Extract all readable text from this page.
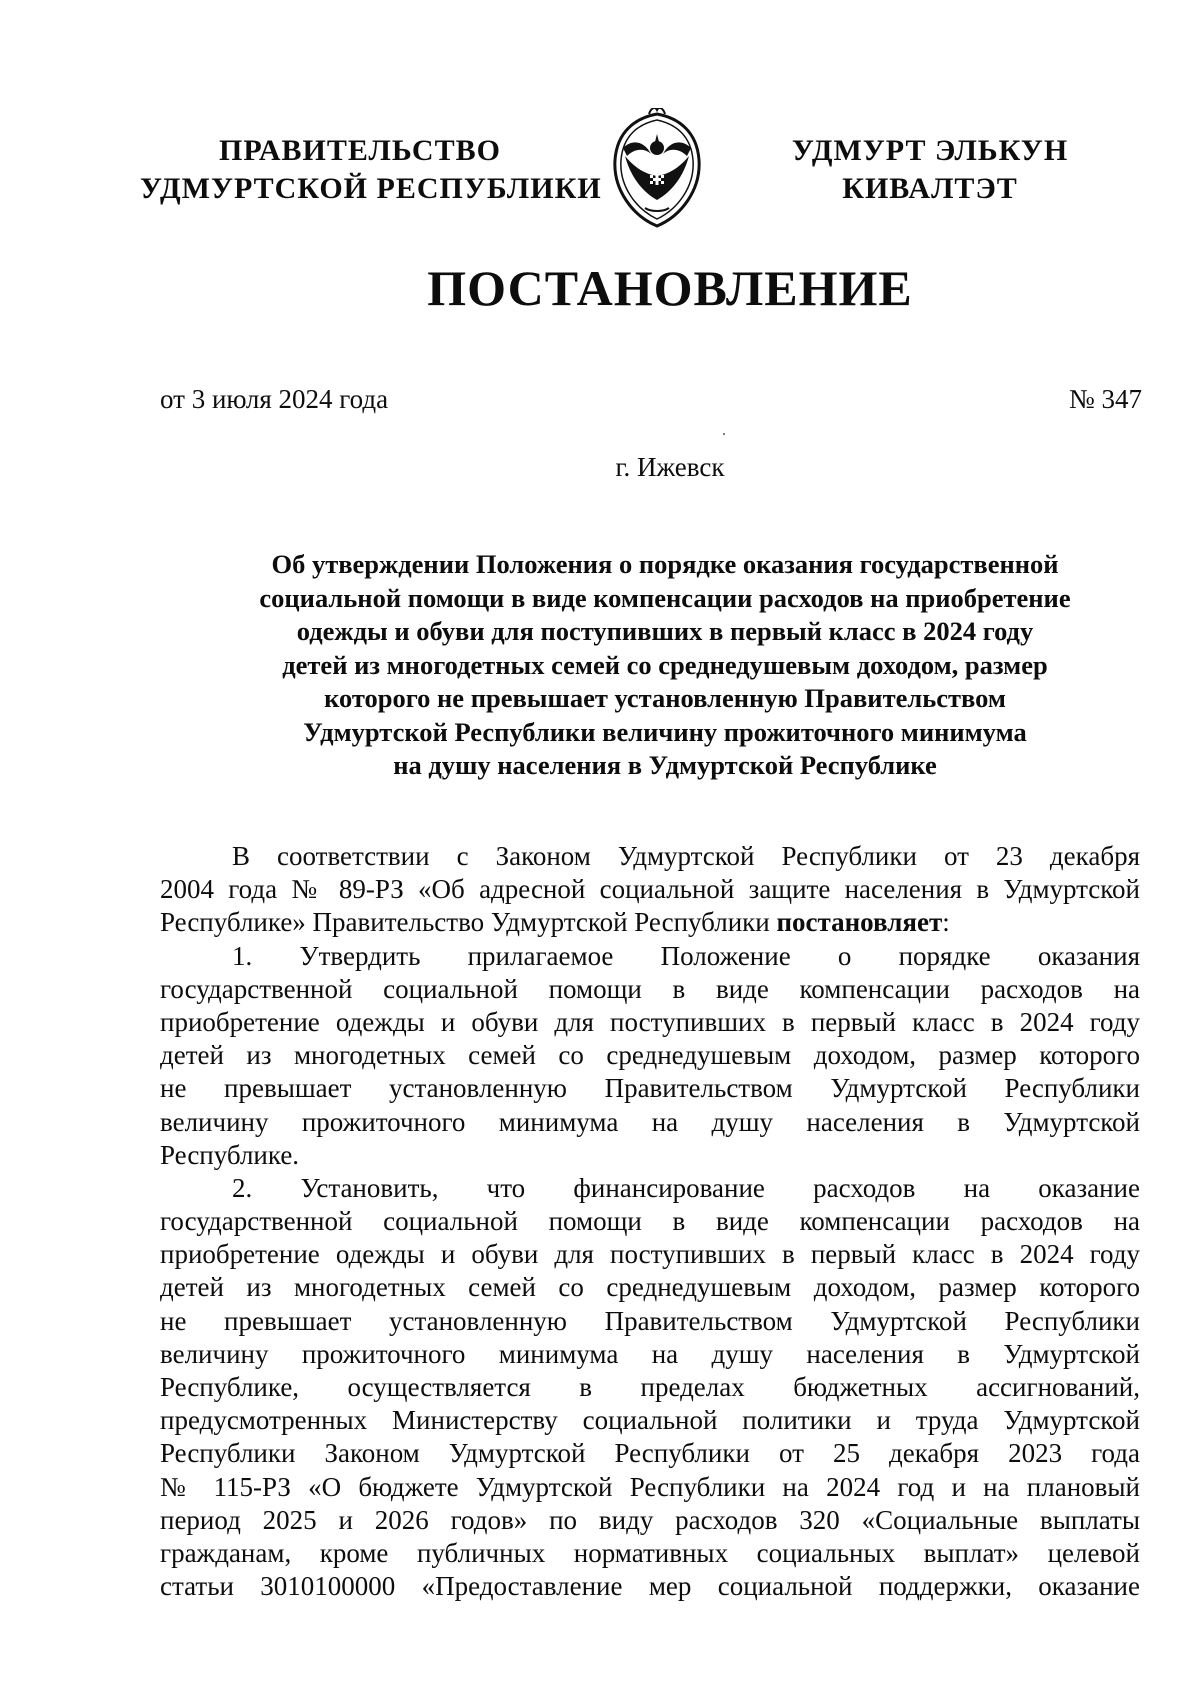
ПРАВИТЕЛЬСТВО
УДМУРТСКОЙ РЕСПУБЛИКИ
УДМУРТ ЭЛЬКУН
КИВАЛТЭТ
ПОСТАНОВЛЕНИЕ
от 3 июля 2024 года	№ 347
г. Ижевск
Об утверждении Положения о порядке оказания государственной
социальной помощи в виде компенсации расходов на приобретение
одежды и обуви для поступивших в первый класс в 2024 году
детей из многодетных семей со среднедушевым доходом, размер
которого не превышает установленную Правительством
Удмуртской Республики величину прожиточного минимума
на душу населения в Удмуртской Республике
В соответствии с Законом Удмуртской Республики от 23 декабря
2004 года № 89-РЗ «Об адресной социальной защите населения в Удмуртской
Республике» Правительство Удмуртской Республики постановляет:
1. Утвердить прилагаемое Положение о порядке оказания
государственной социальной помощи в виде компенсации расходов на
приобретение одежды и обуви для поступивших в первый класс в 2024 году
детей из многодетных семей со среднедушевым доходом, размер которого
не превышает установленную Правительством Удмуртской Республики
величину прожиточного минимума на душу населения в Удмуртской
Республике.
2. Установить, что финансирование расходов на оказание
государственной социальной помощи в виде компенсации расходов на
приобретение одежды и обуви для поступивших в первый класс в 2024 году
детей из многодетных семей со среднедушевым доходом, размер которого
не превышает установленную Правительством Удмуртской Республики
величину прожиточного минимума на душу населения в Удмуртской
Республике, осуществляется в пределах бюджетных ассигнований,
предусмотренных Министерству социальной политики и труда Удмуртской
Республики Законом Удмуртской Республики от 25 декабря 2023 года
№ 115-РЗ «О бюджете Удмуртской Республики на 2024 год и на плановый
период 2025 и 2026 годов» по виду расходов 320 «Социальные выплаты
гражданам, кроме публичных нормативных социальных выплат» целевой
статьи 3010100000 «Предоставление мер социальной поддержки, оказание
